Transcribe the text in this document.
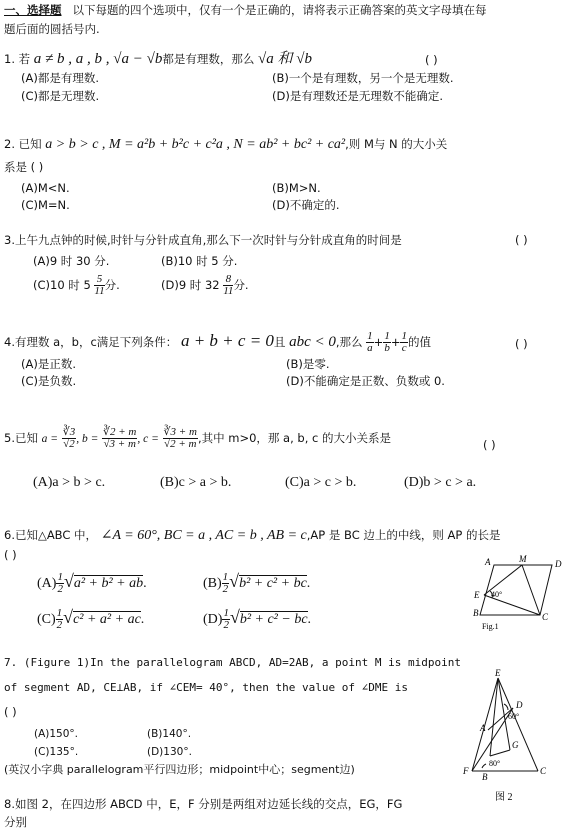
一、选择题 以下每题的四个选项中，仅有一个是正确的，请将表示正确答案的英文字母填在每
题后面的圆括号内.
1. 若 a ≠ b , a , b , √a − √b都是有理数，那么 √a 和 √b	( )
(A)都是有理数.	(B)一个是有理数，另一个是无理数.
(C)都是无理数.	(D)是有理数还是无理数不能确定.
2. 已知 a > b > c , M = a²b + b²c + c²a , N = ab² + bc² + ca²,则 M与 N 的大小关
系是 ( )
(A)M<N.	(B)M>N.
(C)M=N.	(D)不确定的.
3.上午九点钟的时候,时针与分针成直角,那么下一次时针与分针成直角的时间是	( )
(A)9 时 30 分.	(B)10 时 5 分.
(C)10 时 $5 \frac{5}{11}$ 分.	(D)9 时 $32 \frac{8}{11}$ 分.
4.有理数 a，b，c满足下列条件： a + b + c = 0且 abc < 0,那么 $\frac{1}{a} + \frac{1}{b} + \frac{1}{c}$ 的值	( )
(A)是正数.	(B)是零.
(C)是负数.	(D)不能确定是正数、负数或 0.
5.已知 $a = \frac{∛3}{√2}$ , $b = \frac{∛2 + m}{√3 + m}$ , $c = \frac{∛3 + m}{√2 + m}$ ,其中 m>0，那 a, b, c 的大小关系是	( )
(A)a > b > c.	(B)c > a > b.	(C)a > c > b.	(D)b > c > a.
6.已知△ABC 中， ∠A = 60°, BC = a , AC = b , AB = c,AP 是 BC 边上的中线，则 AP 的长是
( )
$(A) \frac{1}{2} √a^2 + b^2$ + ab.	$(B) \frac{1}{2} √b^2 + c^2$ + bc.
$(C) \frac{1}{2} √c^2 + a^2$ + ac.	$(D) \frac{1}{2} √b^2 + c^2$ − bc.
A	M	D
E
B	C
40°
Fig.1
7. (Figure 1)In the parallelogram ABCD, AD=2AB, a point M is midpoint
of segment AD, CE⊥AB, if ∠CEM= 40°, then the value of ∠DME is
( )
(A)150°.	(B)140°.
(C)135°.	(D)130°.
(英汉小字典 parallelogram平行四边形；midpoint中心；segment边)
E
D
A
G
F
B
C
60°
80°
图 2
8.如图 2，在四边形 ABCD 中，E，F 分别是两组对边延长线的交点，EG，FG
分别
